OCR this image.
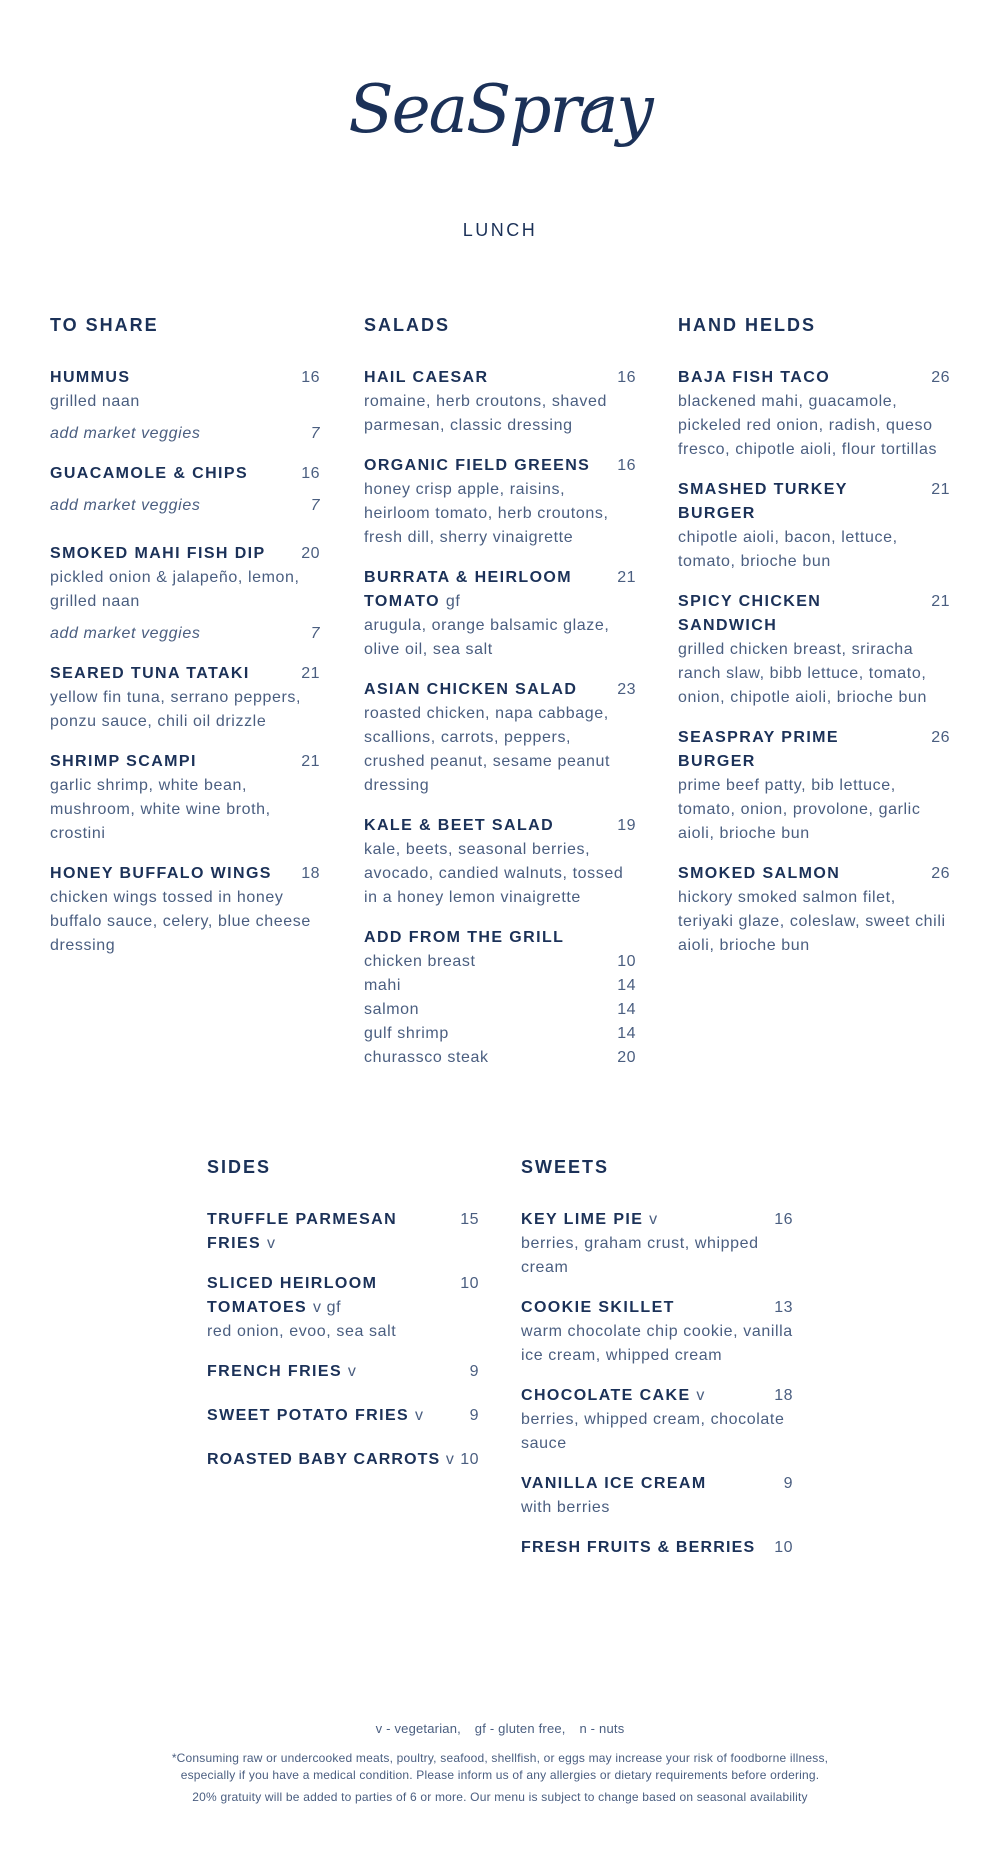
SeaSpray
LUNCH
TO SHARE
HUMMUS	16
grilled naan
add market veggies	7
GUACAMOLE & CHIPS	16
add market veggies	7
SMOKED MAHI FISH DIP 20
pickled onion & jalapeño, lemon, grilled naan
add market veggies	7
SEARED TUNA TATAKI	21
yellow fin tuna, serrano peppers, ponzu sauce, chili oil drizzle
SHRIMP SCAMPI	21
garlic shrimp, white bean, mushroom, white wine broth, crostini
HONEY BUFFALO WINGS 18
chicken wings tossed in honey buffalo sauce, celery, blue cheese dressing
SALADS
HAIL CAESAR	16
romaine, herb croutons, shaved parmesan, classic dressing
ORGANIC FIELD GREENS 16
honey crisp apple, raisins, heirloom tomato, herb croutons, fresh dill, sherry vinaigrette
BURRATA & HEIRLOOM TOMATO gf
21
arugula, orange balsamic glaze, olive oil, sea salt
ASIAN CHICKEN SALAD 23
roasted chicken, napa cabbage, scallions, carrots, peppers, crushed peanut, sesame peanut dressing
KALE & BEET SALAD	19
kale, beets, seasonal berries, avocado, candied walnuts, tossed in a honey lemon vinaigrette
ADD FROM THE GRILL
chicken breast	10
mahi	14
salmon	14
gulf shrimp	14
churassco steak	20
HAND HELDS
BAJA FISH TACO	26
blackened mahi, guacamole, pickeled red onion, radish, queso fresco, chipotle aioli, flour tortillas
SMASHED TURKEY BURGER
21
chipotle aioli, bacon, lettuce, tomato, brioche bun
SPICY CHICKEN SANDWICH
21
grilled chicken breast, sriracha ranch slaw, bibb lettuce, tomato, onion, chipotle aioli, brioche bun
SEASPRAY PRIME BURGER
26
prime beef patty, bib lettuce, tomato, onion, provolone, garlic aioli, brioche bun
SMOKED SALMON	26
hickory smoked salmon filet, teriyaki glaze, coleslaw, sweet chili aioli, brioche bun
SIDES
TRUFFLE PARMESAN FRIES v
15
SLICED HEIRLOOM TOMATOES v gf
10
red onion, evoo, sea salt
FRENCH FRIES v	9
SWEET POTATO FRIES v	9
ROASTED BABY CARROTS v 10
SWEETS
KEY LIME PIE v	16
berries, graham crust, whipped cream
COOKIE SKILLET	13
warm chocolate chip cookie, vanilla ice cream, whipped cream
CHOCOLATE CAKE v	18
berries, whipped cream, chocolate sauce
VANILLA ICE CREAM	9
with berries
FRESH FRUITS & BERRIES 10
v - vegetarian, gf - gluten free, n - nuts
*Consuming raw or undercooked meats, poultry, seafood, shellfish, or eggs may increase your risk of foodborne illness,
especially if you have a medical condition. Please inform us of any allergies or dietary requirements before ordering.
20% gratuity will be added to parties of 6 or more. Our menu is subject to change based on seasonal availability
